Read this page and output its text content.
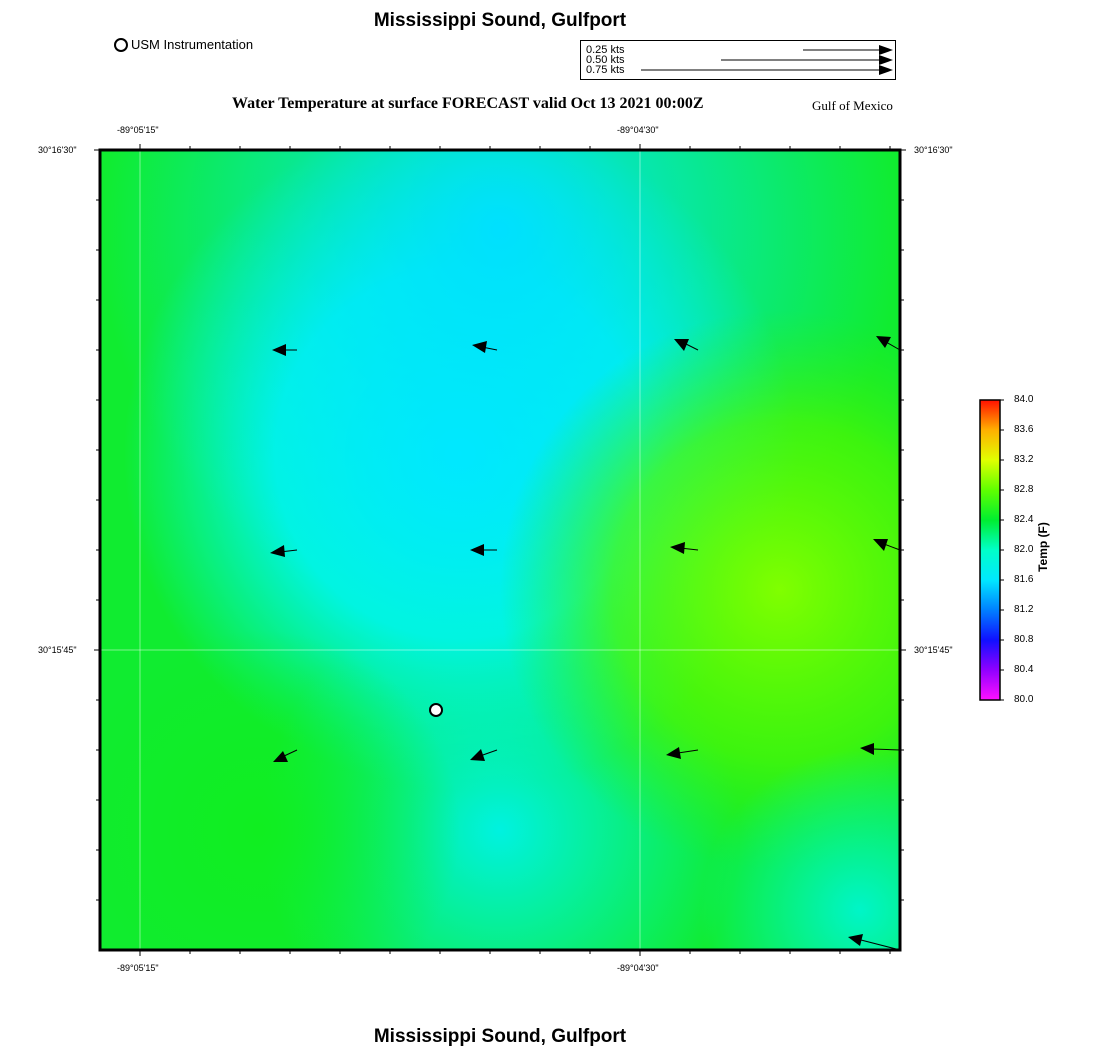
Mississippi Sound, Gulfport
USM Instrumentation	0.25 kts
0.50 kts
0.75 kts
Water Temperature at surface FORECAST valid Oct 13 2021 00:00Z	Gulf of Mexico
-89°05'15"	-89°04'30"
-89°05'15"	-89°04'30"
30°16'30"
30°15'45"
30°16'30"
30°15'45"
84.0
83.6
83.2
82.8
82.4
82.0
81.6
81.2
80.8
80.4
80.0
Temp (F)
Mississippi Sound, Gulfport
